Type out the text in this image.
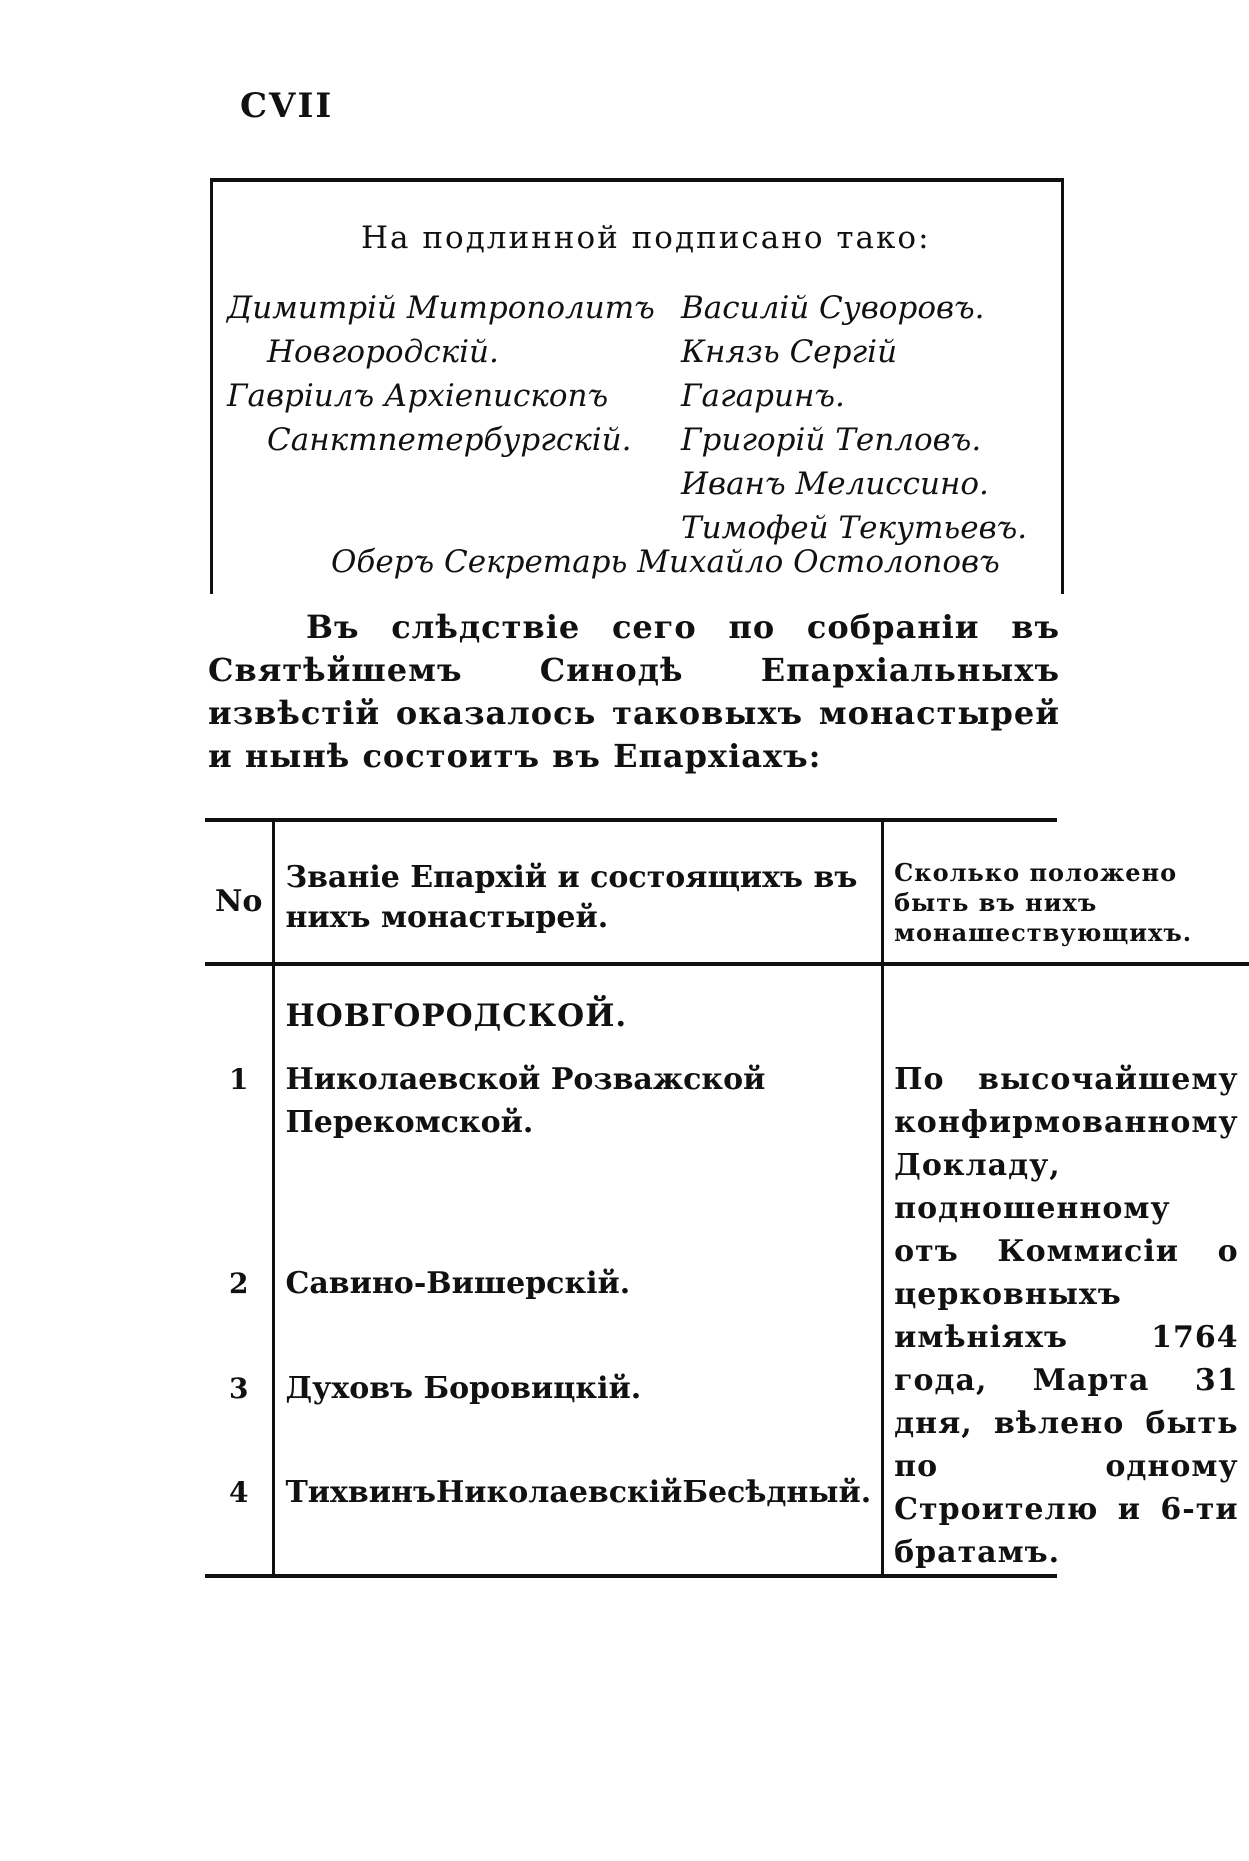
CVII
На подлинной подписано тако:
Димитрій Митрополитъ

Новгородскій.
Гавріилъ Архіепископъ

Санктпетербургскій.
Василій Суворовъ.
Князь Сергій Гагаринъ.
Григорій Тепловъ.
Иванъ Мелиссино.
Тимофей Текутьевъ.
Оберъ Секретарь Михайло Остолоповъ
Въ слѣдствіе сего по собраніи въ Святѣйшемъ Синодѣ Епархіальныхъ извѣстій оказалось таковыхъ монастырей и нынѣ состоитъ въ Епархіахъ:
No	Званіе Епархій и состоящихъ въ нихъ монастырей.	Сколько положено быть въ нихъ монашествующихъ.

	НОВГОРОДСКОЙ.	
1	Николаевской Розважской Перекомской.	По высочайшему конфирмованному Докладу, подношенному отъ Коммисіи о церковныхъ имѣніяхъ 1764 года, Марта 31 дня, вѣлено быть по одному Строителю и 6-ти братамъ.
2	Савино-Вишерскій.	
3	Духовъ Боровицкій.	
4	ТихвинъНиколаевскійБесѣдный.	
